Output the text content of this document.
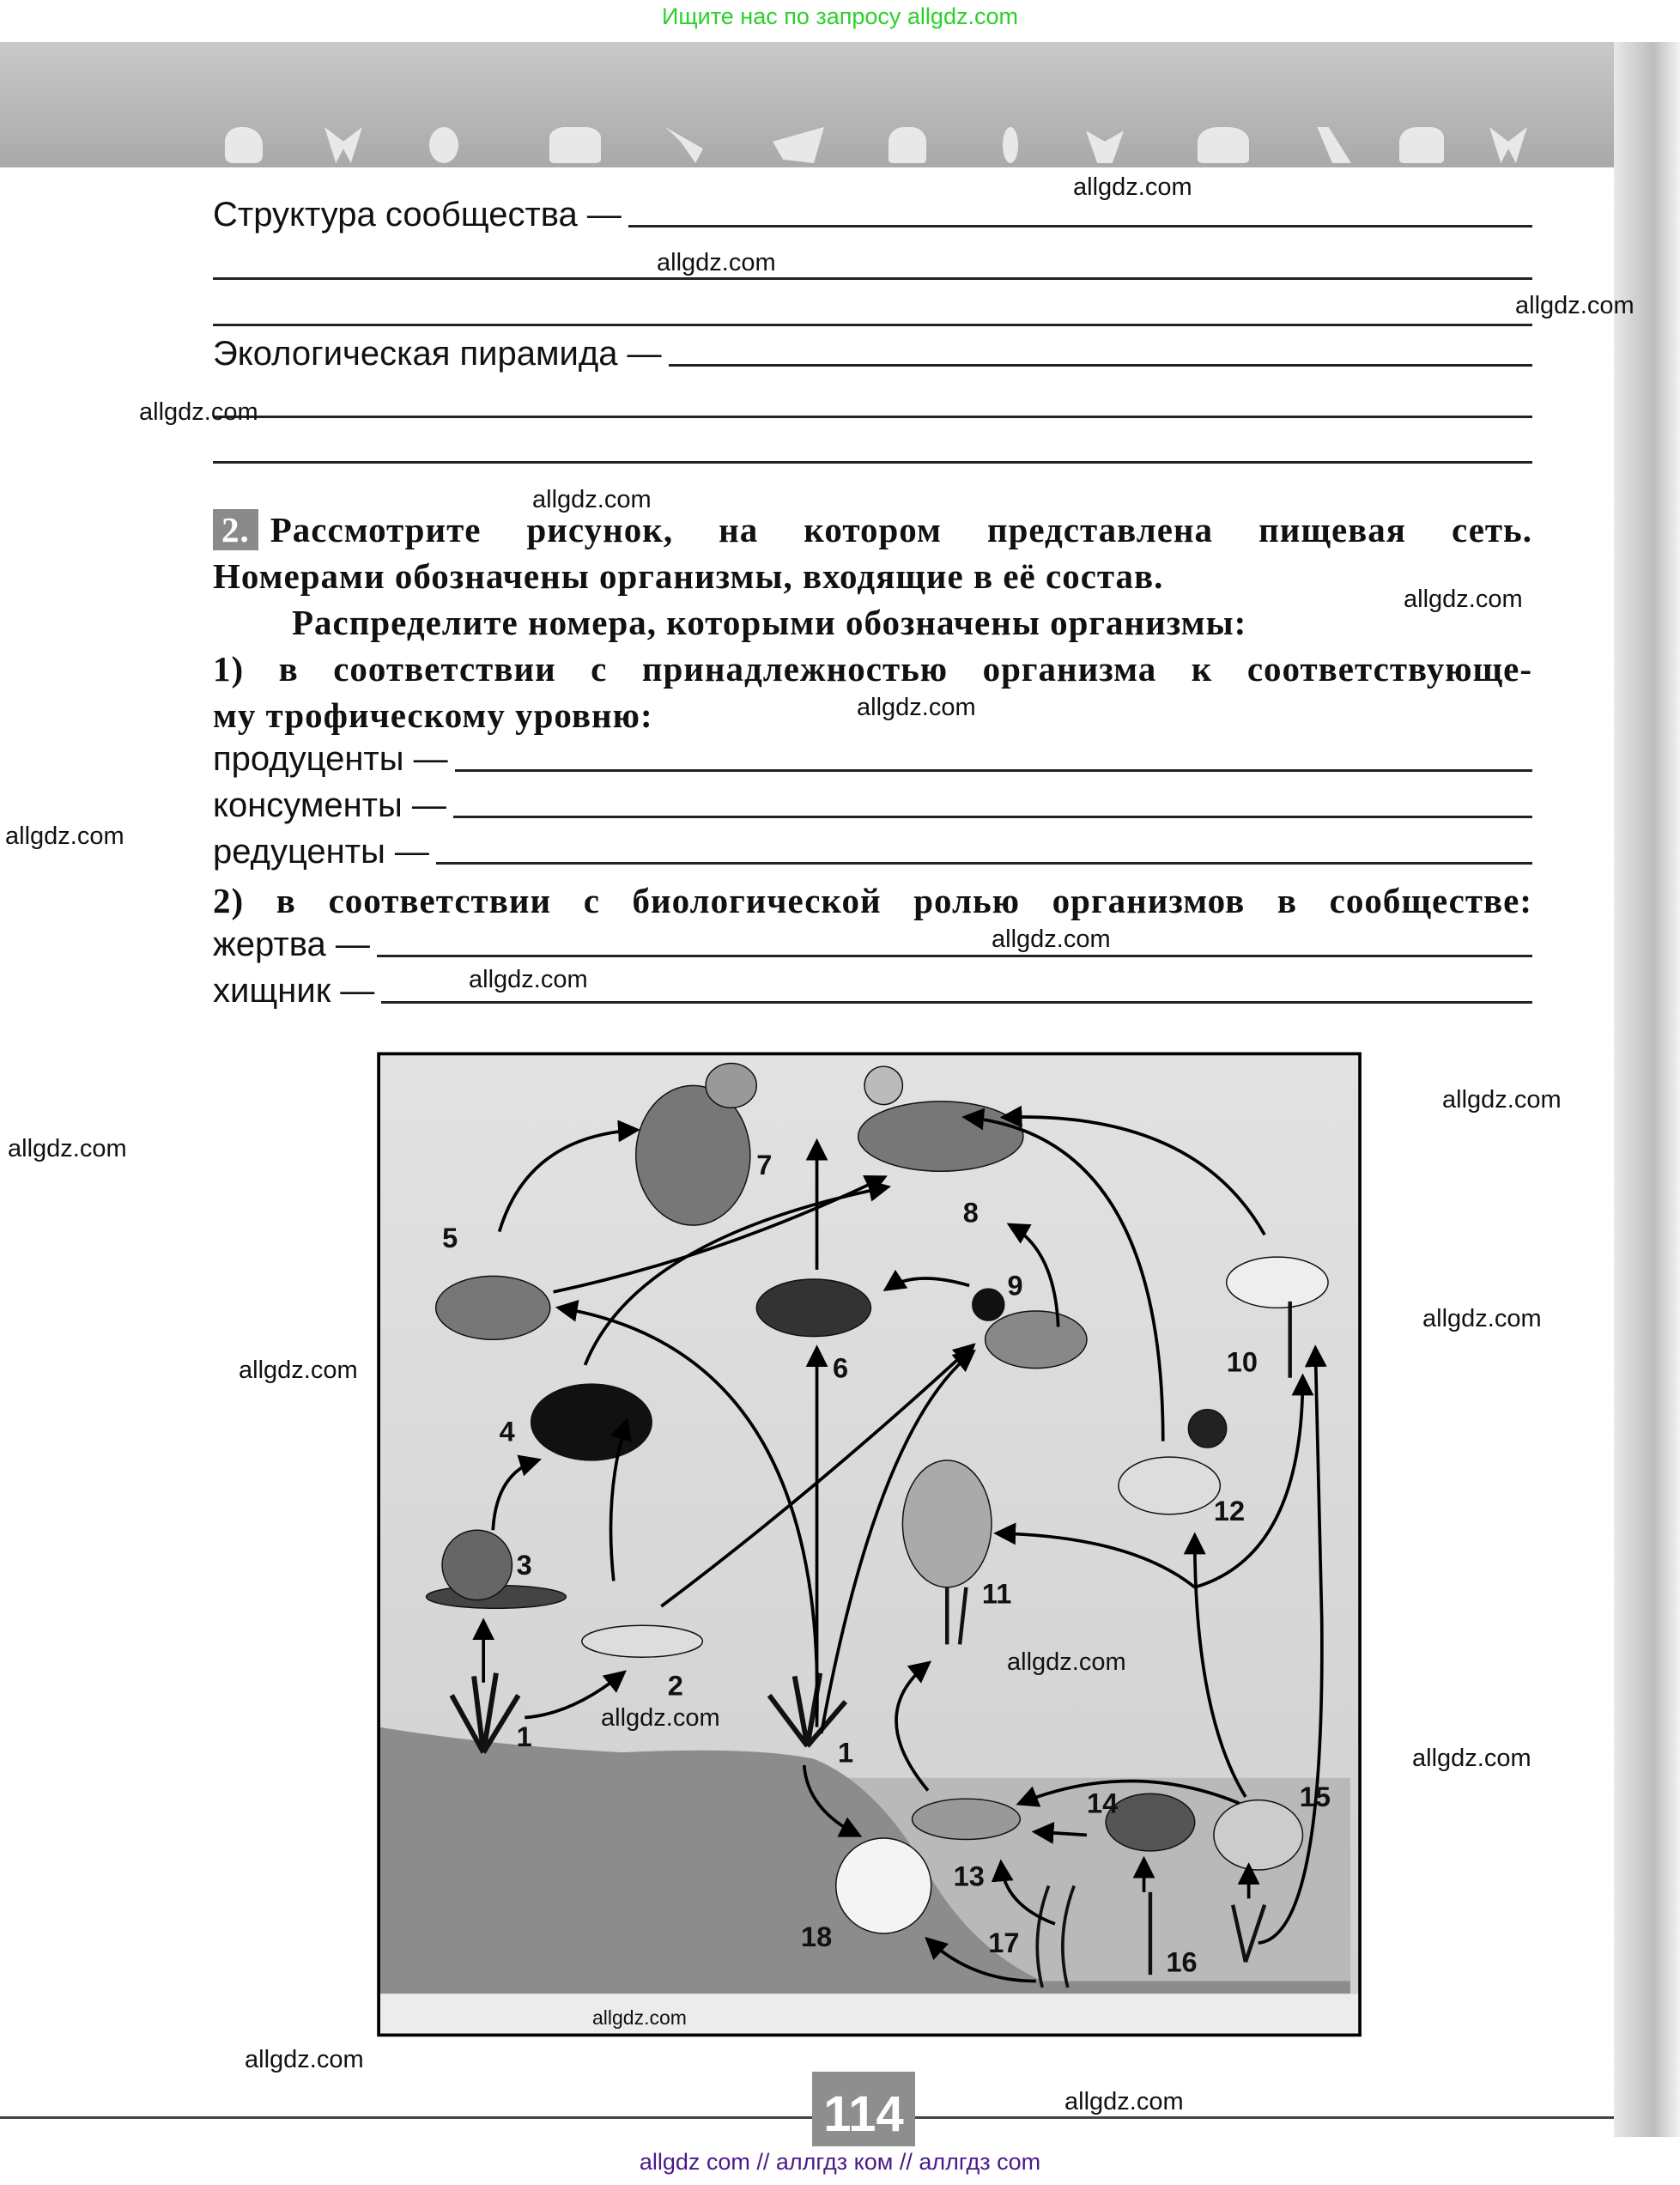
Ищите нас по запросу allgdz.com
Структура сообщества —
Экологическая пирамида —
2. Рассмотрите рисунок, на котором представлена пищевая сеть.
Номерами обозначены организмы, входящие в её состав.
Распределите номера, которыми обозначены организмы:
1) в соответствии с принадлежностью организма к соответствующе-
му трофическому уровню:
продуценты —
консументы —
редуценты —
2) в соответствии с биологической ролью организмов в сообществе:
жертва —
хищник —
1
2
3
4
5
6
7
8
9
10
11
12
13
14	15
16
17
18
1
114
allgdz.com
allgdz.com
allgdz.com
allgdz.com
allgdz.com
allgdz.com
allgdz.com
allgdz.com
allgdz.com
allgdz.com
allgdz.com
allgdz.com
allgdz.com
allgdz.com
allgdz.com
allgdz.com
allgdz.com
allgdz.com
allgdz.com
allgdz.com
allgdz com // аллгдз ком // аллгдз com
